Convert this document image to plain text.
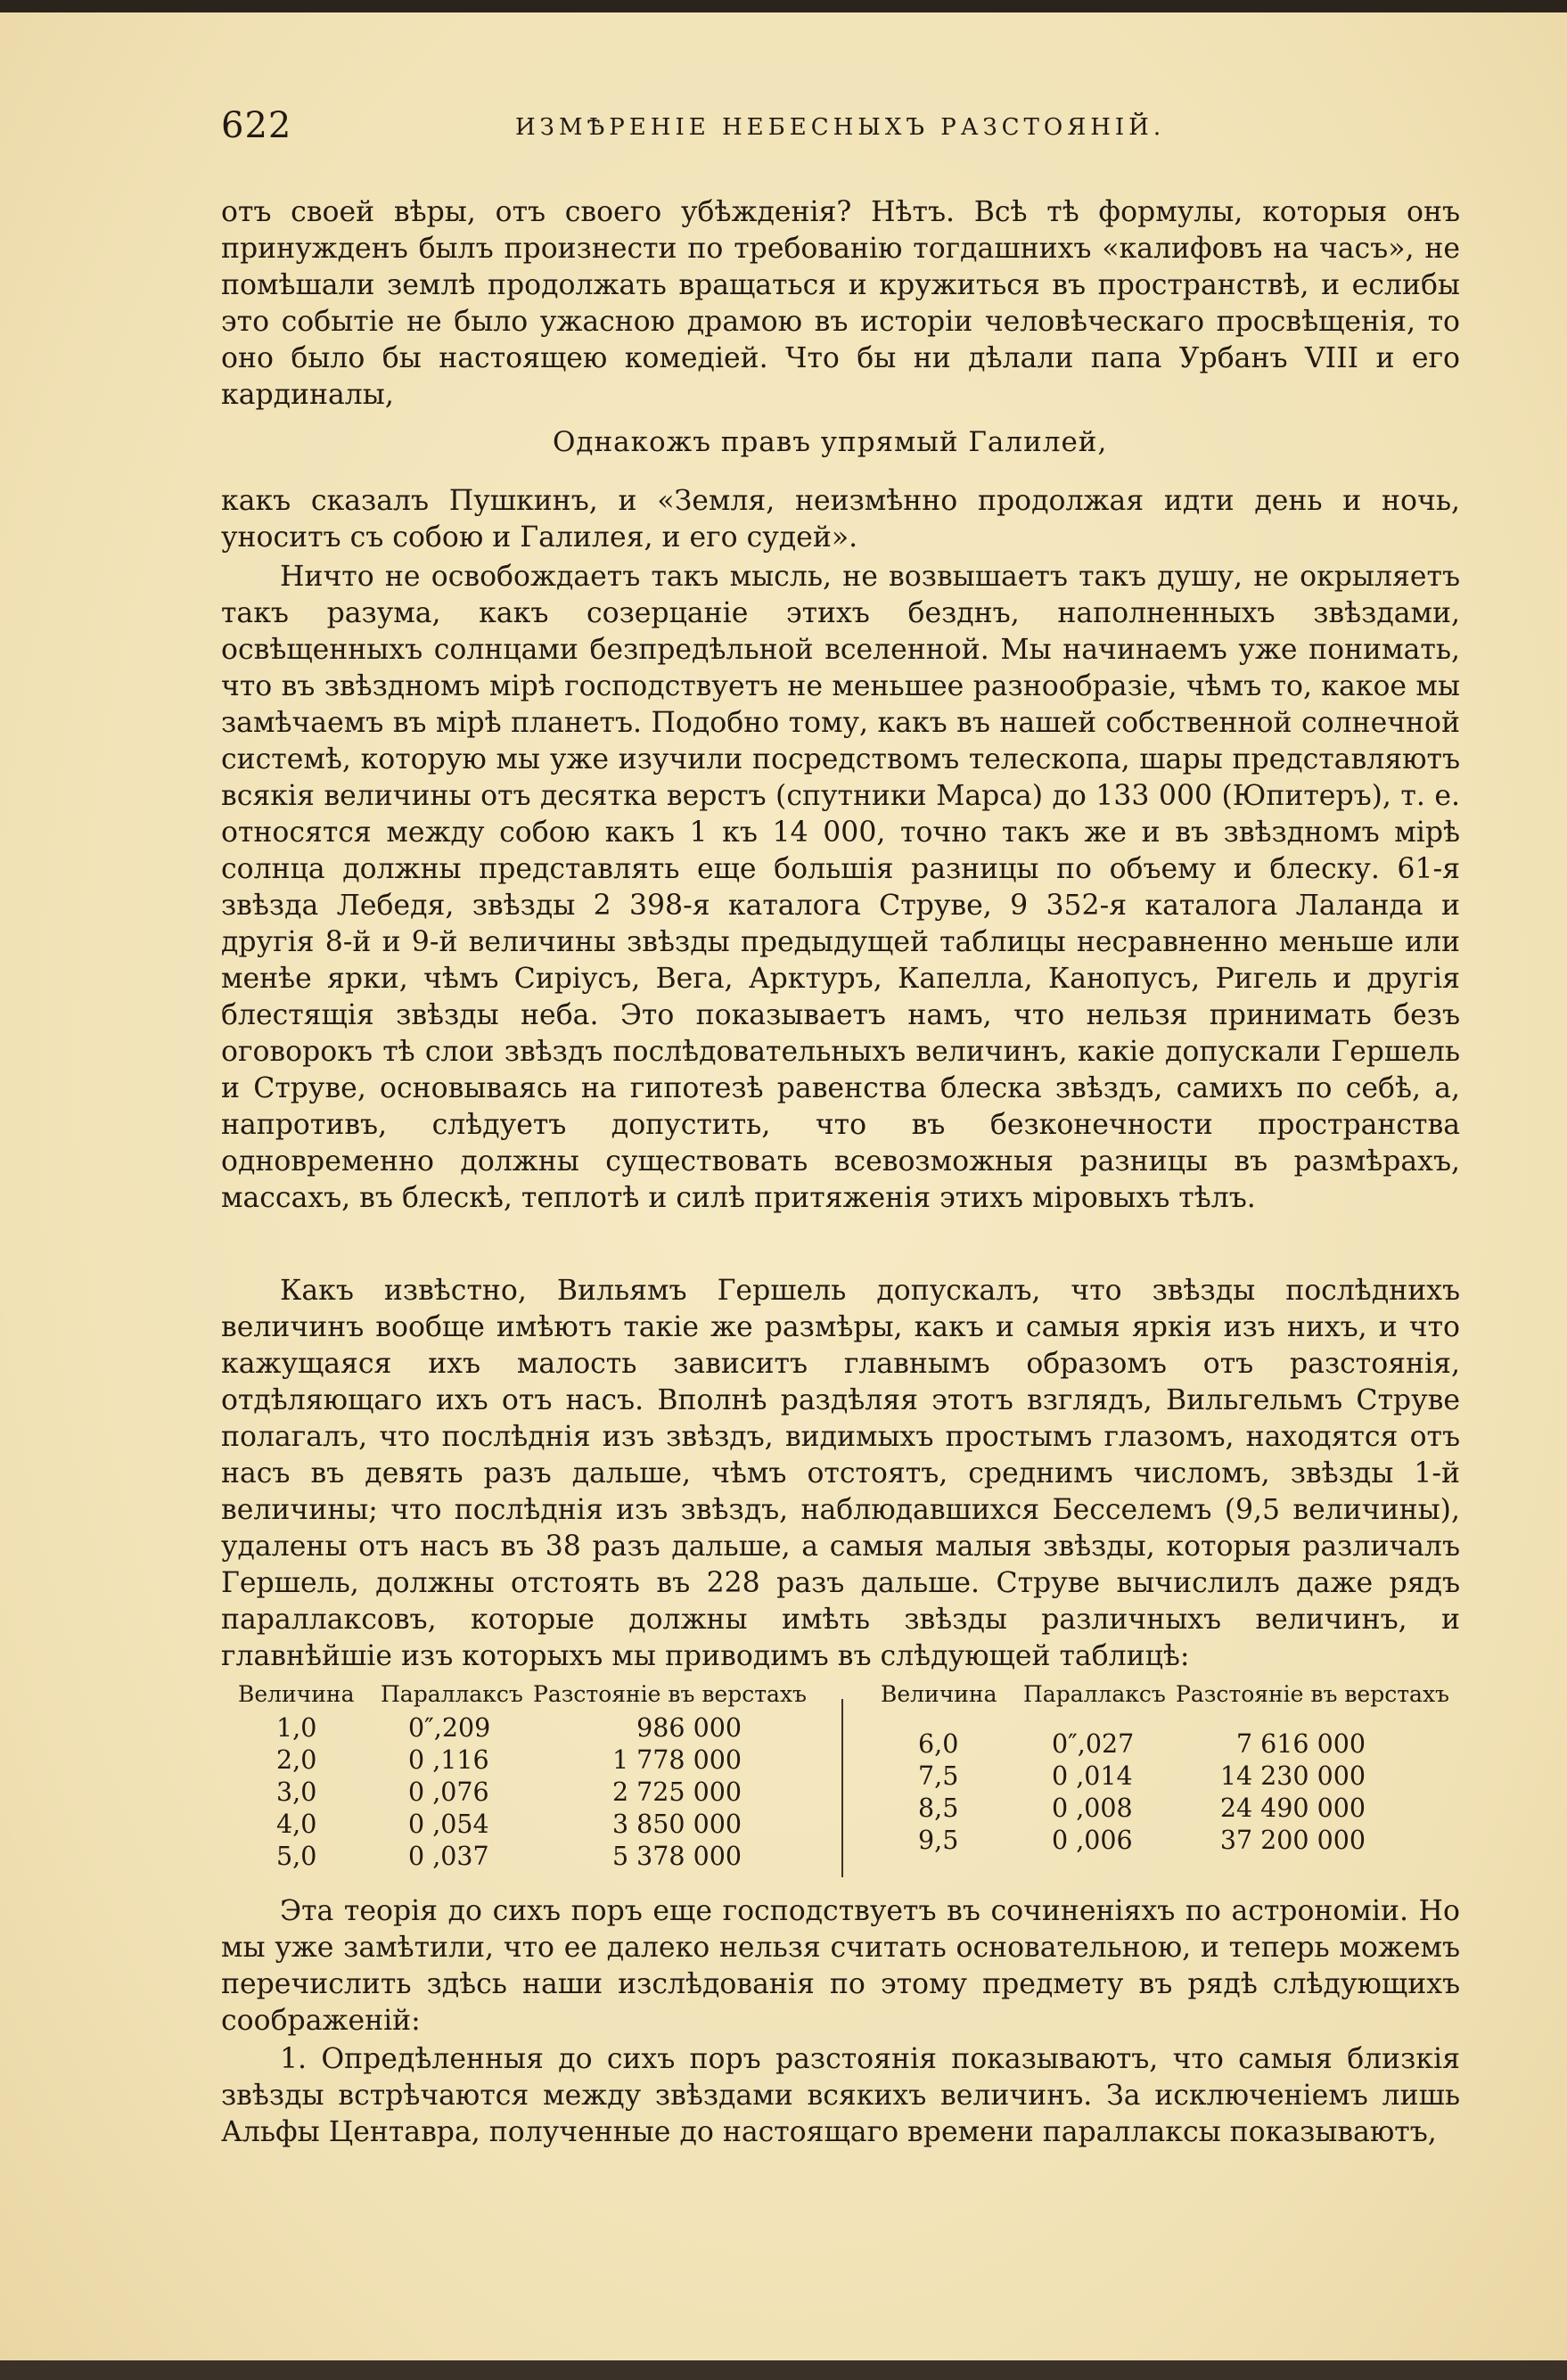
622	ИЗМѢРЕНІЕ НЕБЕСНЫХЪ РАЗСТОЯНІЙ.

отъ своей вѣры, отъ своего убѣжденія? Нѣтъ. Всѣ тѣ формулы, которыя онъ принужденъ былъ произнести по требованію тогдашнихъ «калифовъ на часъ», не помѣшали землѣ продолжать вращаться и кружиться въ пространствѣ, и еслибы это событіе не было ужасною драмою въ исторіи человѣческаго просвѣщенія, то оно было бы настоящею комедіей. Что бы ни дѣлали папа Урбанъ VIII и его кардиналы,

Однакожъ правъ упрямый Галилей,

какъ сказалъ Пушкинъ, и «Земля, неизмѣнно продолжая идти день и ночь, уноситъ съ собою и Галилея, и его судей».

Ничто не освобождаетъ такъ мысль, не возвышаетъ такъ душу, не окрыляетъ такъ разума, какъ созерцаніе этихъ безднъ, наполненныхъ звѣздами, освѣщенныхъ солнцами безпредѣльной вселенной. Мы начинаемъ уже понимать, что въ звѣздномъ мірѣ господствуетъ не меньшее разнообразіе, чѣмъ то, какое мы замѣчаемъ въ мірѣ планетъ. Подобно тому, какъ въ нашей собственной солнечной системѣ, которую мы уже изучили посредствомъ телескопа, шары представляютъ всякія величины отъ десятка верстъ (спутники Марса) до 133 000 (Юпитеръ), т. е. относятся между собою какъ 1 къ 14 000, точно такъ же и въ звѣздномъ мірѣ солнца должны представлять еще большія разницы по объему и блеску. 61-я звѣзда Лебедя, звѣзды 2 398-я каталога Струве, 9 352-я каталога Лаланда и другія 8-й и 9-й величины звѣзды предыдущей таблицы несравненно меньше или менѣе ярки, чѣмъ Сиріусъ, Вега, Арктуръ, Капелла, Канопусъ, Ригель и другія блестящія звѣзды неба. Это показываетъ намъ, что нельзя принимать безъ оговорокъ тѣ слои звѣздъ послѣдовательныхъ величинъ, какіе допускали Гершель и Струве, основываясь на гипотезѣ равенства блеска звѣздъ, самихъ по себѣ, а, напротивъ, слѣдуетъ допустить, что въ безконечности пространства одновременно должны существовать всевозможныя разницы въ размѣрахъ, массахъ, въ блескѣ, теплотѣ и силѣ притяженія этихъ міровыхъ тѣлъ.

Какъ извѣстно, Вильямъ Гершель допускалъ, что звѣзды послѣднихъ величинъ вообще имѣютъ такіе же размѣры, какъ и самыя яркія изъ нихъ, и что кажущаяся ихъ малость зависитъ главнымъ образомъ отъ разстоянія, отдѣляющаго ихъ отъ насъ. Вполнѣ раздѣляя этотъ взглядъ, Вильгельмъ Струве полагалъ, что послѣднія изъ звѣздъ, видимыхъ простымъ глазомъ, находятся отъ насъ въ девять разъ дальше, чѣмъ отстоятъ, среднимъ числомъ, звѣзды 1-й величины; что послѣднія изъ звѣздъ, наблюдавшихся Бесселемъ (9,5 величины), удалены отъ насъ въ 38 разъ дальше, а самыя малыя звѣзды, которыя различалъ Гершель, должны отстоять въ 228 разъ дальше. Струве вычислилъ даже рядъ параллаксовъ, которые должны имѣть звѣзды различныхъ величинъ, и главнѣйшіе изъ которыхъ мы приводимъ въ слѣдующей таблицѣ:

Величина Параллаксъ Разстояніе въ верстахъ	Величина Параллаксъ Разстояніе въ верстахъ
1,0	0″,209	986 000
2,0	0 ,116	1 778 000
3,0	0 ,076	2 725 000
4,0	0 ,054	3 850 000
5,0	0 ,037	5 378 000
6,0	0″,027	7 616 000
7,5	0 ,014	14 230 000
8,5	0 ,008	24 490 000
9,5	0 ,006	37 200 000

Эта теорія до сихъ поръ еще господствуетъ въ сочиненіяхъ по астрономіи. Но мы уже замѣтили, что ее далеко нельзя считать основательною, и теперь можемъ перечислить здѣсь наши изслѣдованія по этому предмету въ рядѣ слѣдующихъ соображеній:

1. Опредѣленныя до сихъ поръ разстоянія показываютъ, что самыя близкія звѣзды встрѣчаются между звѣздами всякихъ величинъ. За исключеніемъ лишь Альфы Центавра, полученные до настоящаго времени параллаксы показываютъ,
